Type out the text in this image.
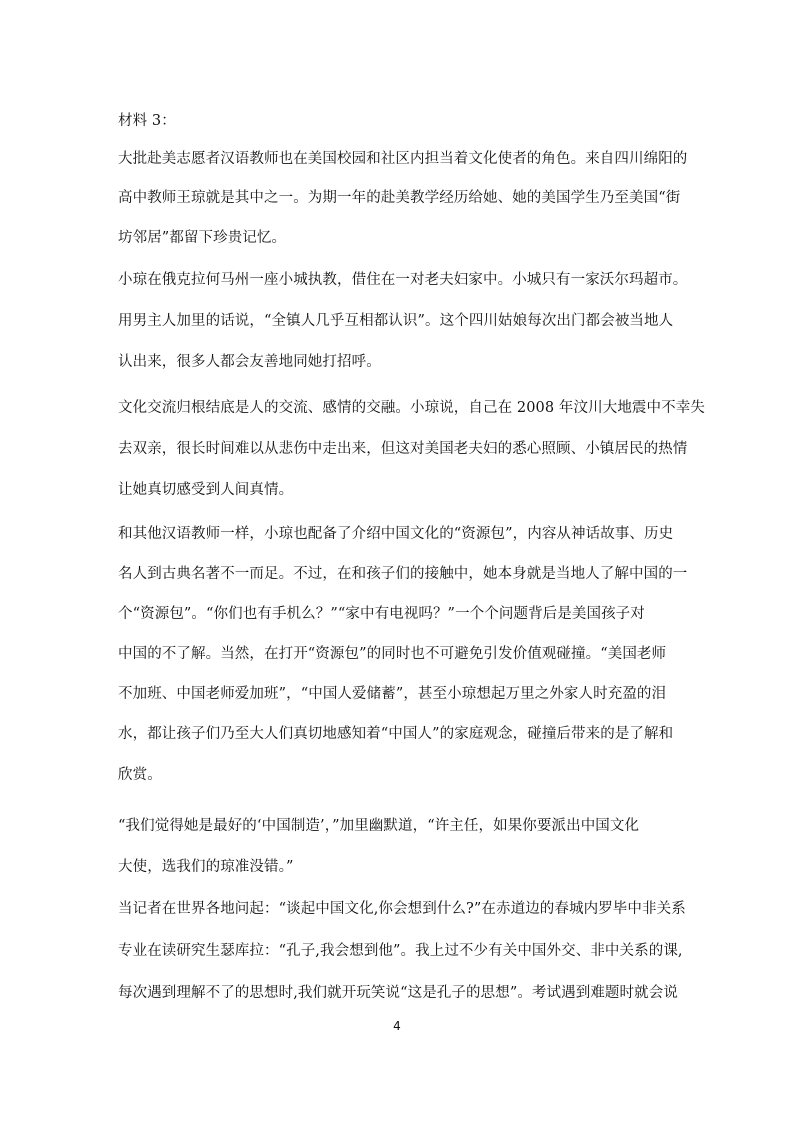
材料 3：
大批赴美志愿者汉语教师也在美国校园和社区内担当着文化使者的角色。来自四川绵阳的
高中教师王琼就是其中之一。为期一年的赴美教学经历给她、她的美国学生乃至美国“街
坊邻居”都留下珍贵记忆。
小琼在俄克拉何马州一座小城执教，借住在一对老夫妇家中。小城只有一家沃尔玛超市。
用男主人加里的话说，“全镇人几乎互相都认识”。这个四川姑娘每次出门都会被当地人
认出来，很多人都会友善地同她打招呼。
文化交流归根结底是人的交流、感情的交融。小琼说，自己在 2008 年汶川大地震中不幸失
去双亲，很长时间难以从悲伤中走出来，但这对美国老夫妇的悉心照顾、小镇居民的热情
让她真切感受到人间真情。
和其他汉语教师一样，小琼也配备了介绍中国文化的“资源包”，内容从神话故事、历史
名人到古典名著不一而足。不过，在和孩子们的接触中，她本身就是当地人了解中国的一
个“资源包”。“你们也有手机么？”“家中有电视吗？”一个个问题背后是美国孩子对
中国的不了解。当然，在打开“资源包”的同时也不可避免引发价值观碰撞。“美国老师
不加班、中国老师爱加班”，“中国人爱储蓄”，甚至小琼想起万里之外家人时充盈的泪
水，都让孩子们乃至大人们真切地感知着“中国人”的家庭观念，碰撞后带来的是了解和
欣赏。
“我们觉得她是最好的‘中国制造’，”加里幽默道，“许主任，如果你要派出中国文化
大使，选我们的琼准没错。”
当记者在世界各地问起：“谈起中国文化,你会想到什么?”在赤道边的春城内罗毕中非关系
专业在读研究生瑟库拉：“孔子,我会想到他”。我上过不少有关中国外交、非中关系的课,
每次遇到理解不了的思想时,我们就开玩笑说“这是孔子的思想”。考试遇到难题时就会说
4
